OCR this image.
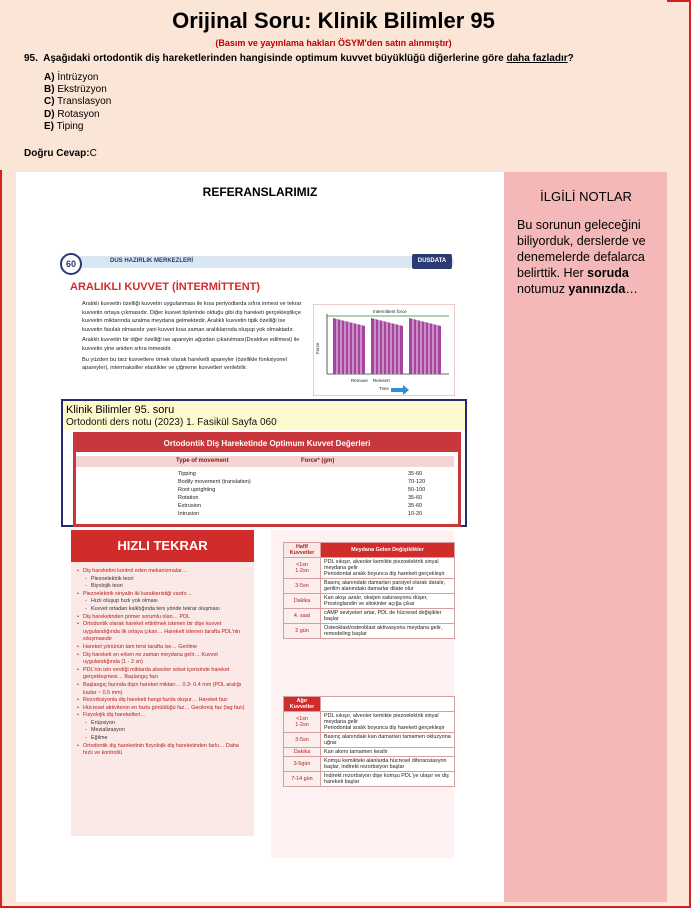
Orijinal Soru: Klinik Bilimler 95
(Basım ve yayınlama hakları ÖSYM'den satın alınmıştır)
95. Aşağıdaki ortodontik diş hareketlerinden hangisinde optimum kuvvet büyüklüğü diğerlerine göre daha fazladır?
A) İntrüzyon
B) Ekstrüzyon
C) Translasyon
D) Rotasyon
E) Tiping
Doğru Cevap:C
REFERANSLARIMIZ	İLGİLİ NOTLAR
Bu sorunun geleceğini biliyorduk, derslerde ve denemelerde defalarca belirttik. Her soruda notumuz yanınızda…
60	DUS HAZIRLIK MERKEZLERİ	DUSDATA
ARALIKLI KUVVET (İNTERMİTTENT)

Aralıklı kuvvetin özelliği kuvvetin uygulanması ile kısa periyodlarda sıfıra inmesi ve tekrar kuvvetin ortaya çıkmasıdır. Diğer kuvvet tiplerinde olduğu gibi diş hareketi gerçekleştikçe kuvvetin miktarında azalma meydana gelmektedir. Aralıklı kuvvetin tipik özelliği ise kuvvetin fasılalı olmasıdır yani kuvvet kısa zaman aralıklarında oluşup yok olmaktadır.

Aralıklı kuvvetin bir diğer özelliği ise apareyin ağızdan çıkanılması(Deaktive edilmesi) ile kuvvetin yine aniden sıfıra inmesidir.

Bu yüzden bu tarz kuvvetlere örnek olarak hareketli apareyler (özellikle fonksiyonel apareyler), intermaksiller elastikler ve çiğneme kuvvetleri verilebilir.

Intermittent force
Force
Remove Reinsert
Time
Klinik Bilimler 95. soru
Ortodonti ders notu (2023) 1. Fasikül Sayfa 060
Ortodontik Diş Hareketinde Optimum Kuvvet Değerleri
Type of movement	Force* (gm)
Tipping	35-60
Bodily movement (translation)	70-120
Root uprighting	50-100
Rotation	35-60
Extrusion	35-60
Intrusion	10-20
HIZLI TEKRAR
• Diş hareketini kontrol eden mekanizmalar…
- Piezoelektrik teori
- Biyolojik teori
• Piezoelektrik sinyalin iki karakteristiği vardır…
- Hızlı oluşup hızlı yok olması
- Kuvvet ortadan kalktığında ters yönde tekrar oluşması
• Diş hareketinden primer sorumlu olan… PDL
• Ortodontik olarak hareket ettirilmek istenen bir dişe kuvvet uygulandığında ilk ortaya çıkan… Hareketi istenen tarafta PDL'nin sıkışmasıdır
• Hareket yönünün tam tersi tarafta ise… Gerilme
• Diş hareketi en erken ne zaman meydana gelir… Kuvvet uygulandığında (1 - 2 sn)
• PDL'nin izin verdiği miktarda alveoler soket içerisinde hareket gerçekleşmesi… Başlangıç fazı
• Başlangıç fazında dişin hareket miktarı… 0.3- 0.4 mm (PDL aralığı kadar ~ 0.5 mm)
• Rezorbsiyonla diş hareketi hangi fazda oluşur… Hareket fazı
• Hücresel aktivitenin en fazla görüldüğü faz… Gecikmiş faz (lag fazı)
• Fizyolojik diş hareketleri…
- Erüpsiyon
- Mezializasyon
- Eğilme
• Ortodontik diş hareketinin fizyolojik diş hareketinden farkı… Daha hızlı ve kontrollü
Hafif Kuvvetler	Meydana Gelen Değişiklikler
<1sn
1-2sn	PDL sıkışır, alveoler kemikte piezoelektrik sinyal meydana gelir
Periodontal aralık boyunca diş hareketi gerçekleşir
3-5sn	Basınç alanındaki damarları parsiyel olarak daralır, gerilim alanındaki damarlar dilate olur
Dakika	Kan akışı azalır, oksijen saturasyonu düşer, Prostoglandin ve sitokinler açığa çıkar
4. saat	cAMP seviyeleri artar, PDL de hücresel değişikler başlar
2 gün	Osteoklast/osteoblast aktivasyonu meydana gelir, remodeling başlar
Ağır Kuvvetler	
<1sn
1-2sn	PDL sıkışır, alveoler kemikte piezoelektrik sinyal meydana gelir
Periodontal aralık boyunca diş hareketi gerçekleşir
3-5sn	Basınç alanındaki kan damarları tamamen okluzyona uğrar
Dakika	Kan akımı tamamen kesilir
3-5gün	Komşu kemikteki alanlarda hücresel diferansiasyon başlar, indirekt rezorbsiyon başlar
7-14 gün	İndirekt rezorbsiyon dişe komşu PDL'ye ulaşır ve diş hareketi başlar
